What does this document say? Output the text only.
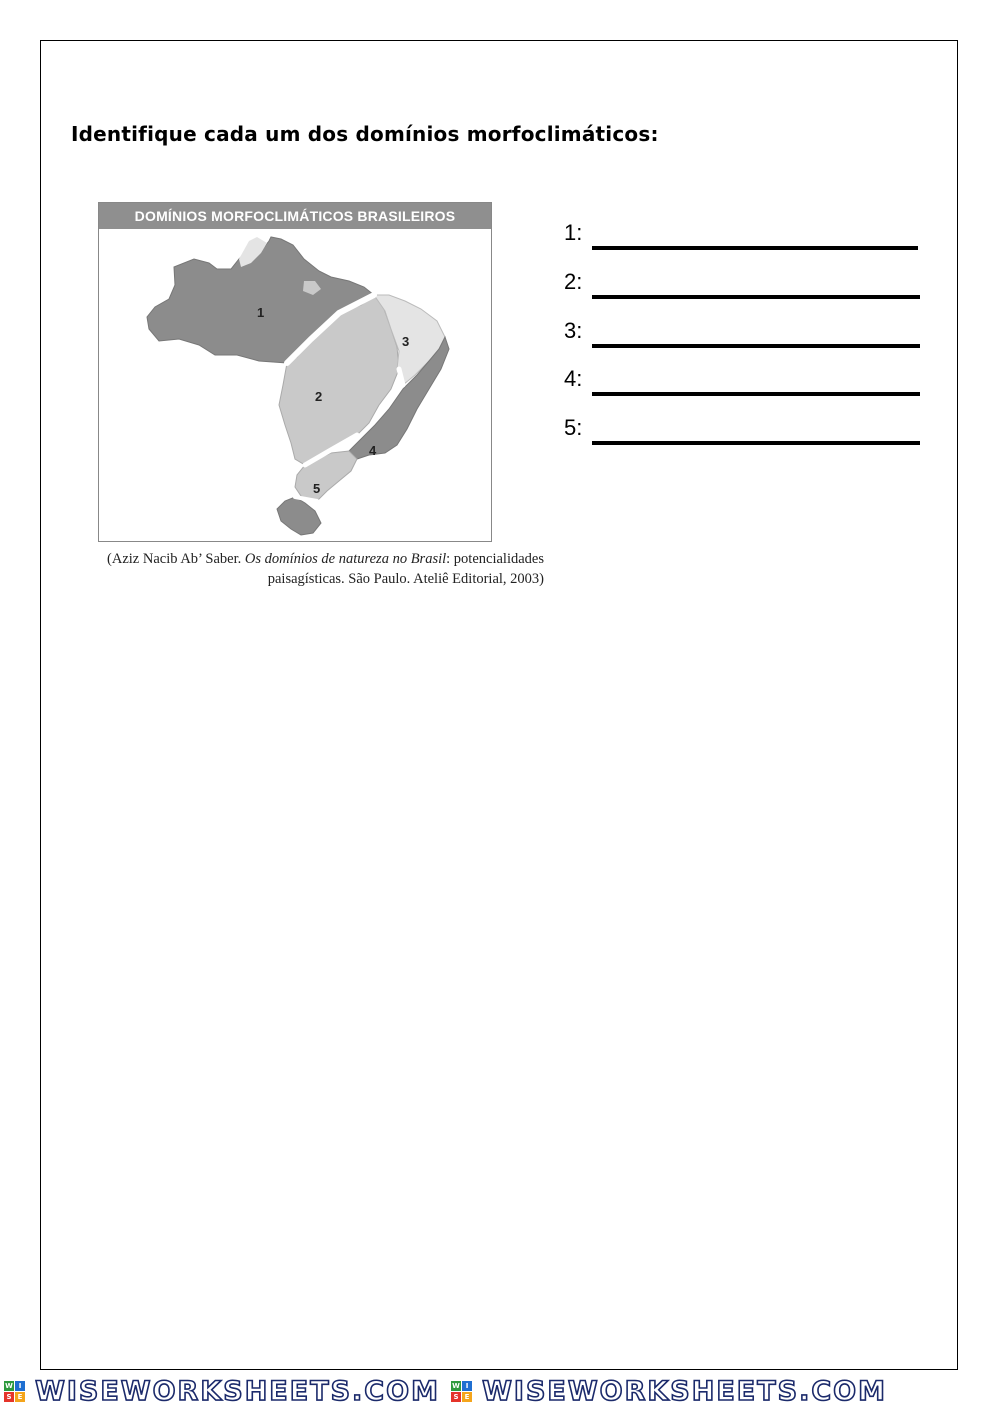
Identifique cada um dos domínios morfoclimáticos:
DOMÍNIOS MORFOCLIMÁTICOS BRASILEIROS
1
2
3
4
5
(Aziz Nacib Ab’ Saber. Os domínios de natureza no Brasil: potencialidades paisagísticas. São Paulo. Ateliê Editorial, 2003)
1:
2:
3:
4:
5:
W I
S E WISEWORKSHEETS.COM W I
S E WISEWORKSHEETS.COM
